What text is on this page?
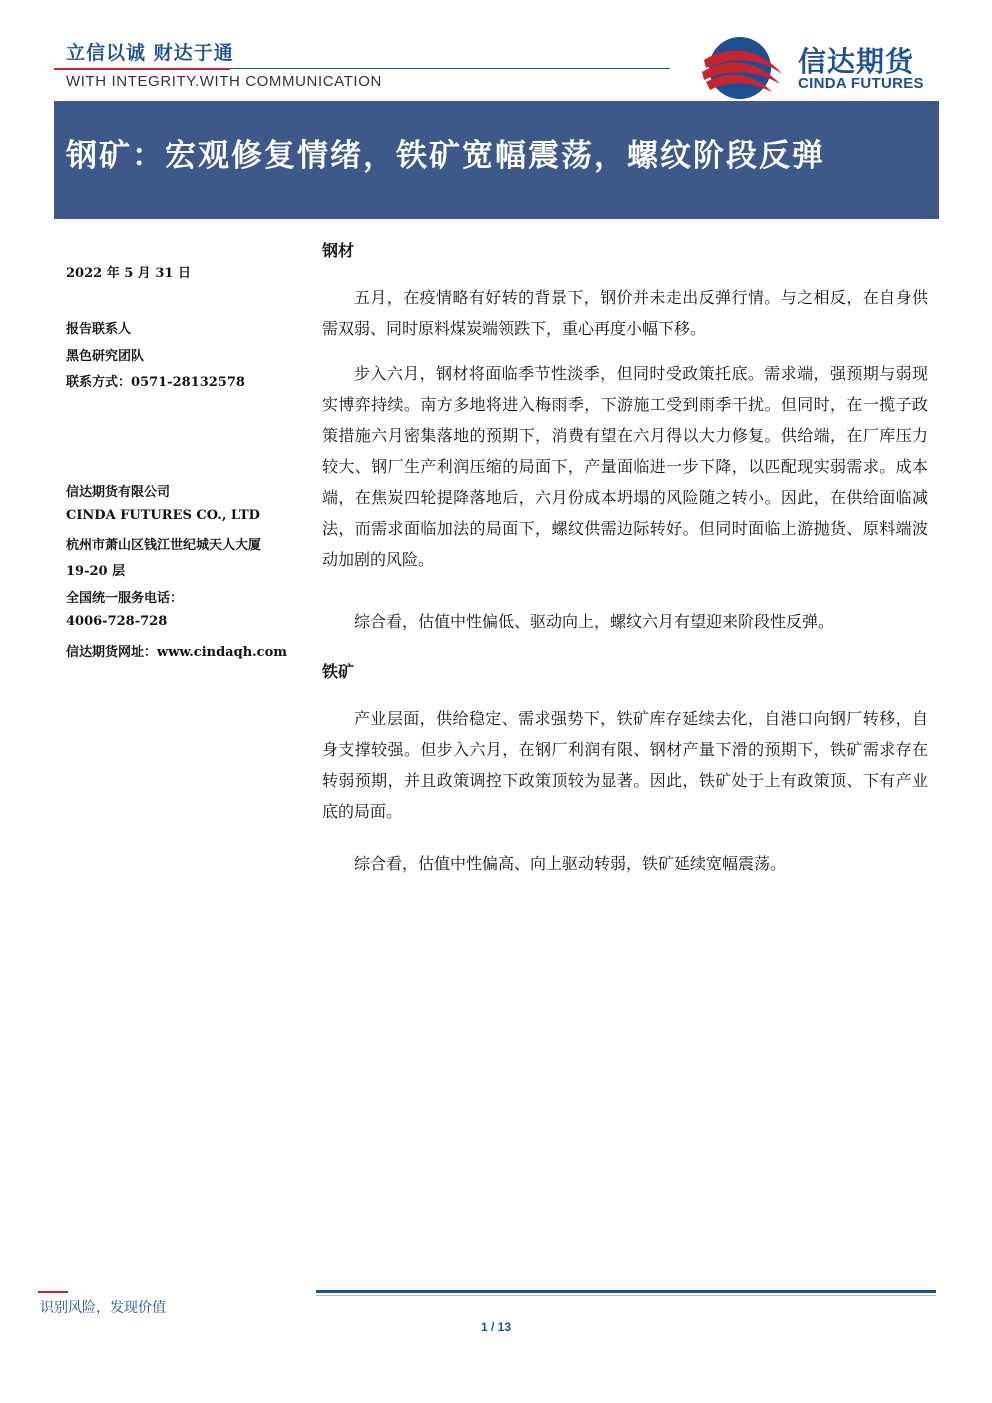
立信以诚 财达于通
WITH INTEGRITY.WITH COMMUNICATION
信达期货
CINDA FUTURES
钢矿：宏观修复情绪，铁矿宽幅震荡，螺纹阶段反弹
2022 年 5 月 31 日
报告联系人
黑色研究团队
联系方式：0571-28132578
信达期货有限公司
CINDA FUTURES CO., LTD
杭州市萧山区钱江世纪城天人大厦
19-20 层
全国统一服务电话：
4006-728-728
信达期货网址：www.cindaqh.com
钢材
五月，在疫情略有好转的背景下，钢价并未走出反弹行情。与之相反，在自身供需双弱、同时原料煤炭端领跌下，重心再度小幅下移。
步入六月，钢材将面临季节性淡季，但同时受政策托底。需求端，强预期与弱现实博弈持续。南方多地将进入梅雨季，下游施工受到雨季干扰。但同时，在一揽子政策措施六月密集落地的预期下，消费有望在六月得以大力修复。供给端，在厂库压力较大、钢厂生产利润压缩的局面下，产量面临进一步下降，以匹配现实弱需求。成本端，在焦炭四轮提降落地后，六月份成本坍塌的风险随之转小。因此，在供给面临减法，而需求面临加法的局面下，螺纹供需边际转好。但同时面临上游抛货、原料端波动加剧的风险。
综合看，估值中性偏低、驱动向上，螺纹六月有望迎来阶段性反弹。
铁矿
产业层面，供给稳定、需求强势下，铁矿库存延续去化，自港口向钢厂转移，自身支撑较强。但步入六月，在钢厂利润有限、钢材产量下滑的预期下，铁矿需求存在转弱预期，并且政策调控下政策顶较为显著。因此，铁矿处于上有政策顶、下有产业底的局面。
综合看，估值中性偏高、向上驱动转弱，铁矿延续宽幅震荡。
识别风险，发现价值
1 / 13
